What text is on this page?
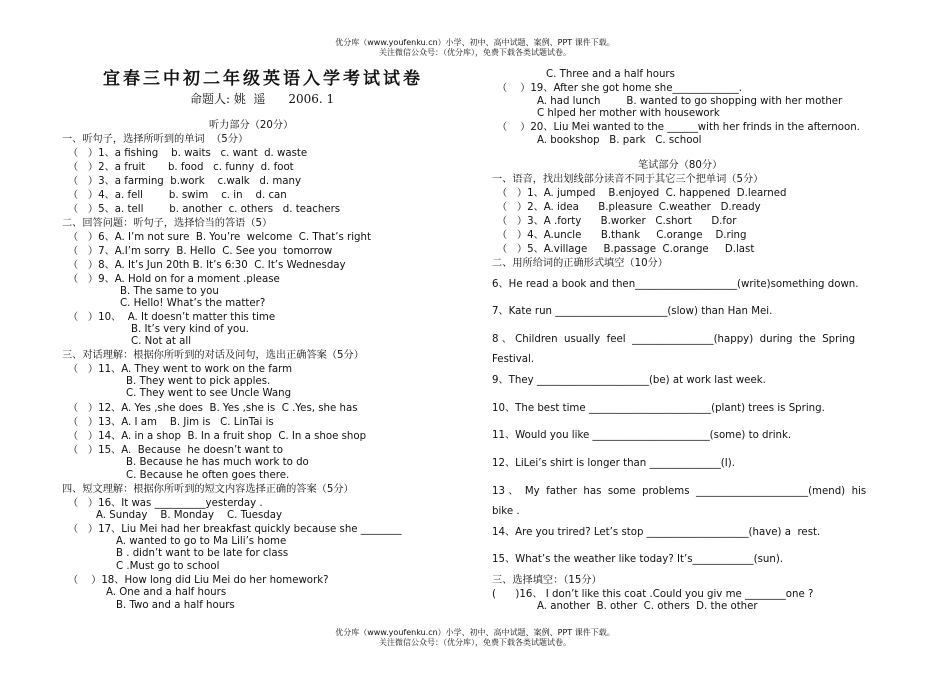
优分库（www.youfenku.cn）小学、初中、高中试题、案例、PPT 课件下载。
关注微信公众号：（优分库），免费下载各类试题试卷。
宜春三中初二年级英语入学考试试卷
命题人: 姚  遥      2006. 1
听力部分（20分）
一、听句子，选择所听到的单词  （5分）
（   ）1、a fishing    b. waits   c. want  d. waste
（   ）2、a fruit       b. food   c. funny  d. foot
（   ）3、a farming  b.work    c.walk   d. many
（   ）4、a. fell        b. swim    c. in    d. can
（   ）5、a. tell        b. another  c. others   d. teachers
二、回答问题：听句子，选择恰当的答语（5）
（   ）6、A. I’m not sure  B. You’re  welcome  C. That’s right
（   ）7、A.I’m sorry  B. Hello  C. See you  tomorrow
（   ）8、A. It’s Jun 20th B. It’s 6:30  C. It’s Wednesday
（   ）9、A. Hold on for a moment .please
B. The same to you
C. Hello! What’s the matter?
（   ）10、  A. It doesn’t matter this time
B. It’s very kind of you.
C. Not at all
三、对话理解：根据你所听到的对话及问句，选出正确答案（5分）
（   ）11、A. They went to work on the farm
B. They went to pick apples.
C. They went to see Uncle Wang
（   ）12、A. Yes ,she does  B. Yes ,she is  C .Yes, she has
（   ）13、A. I am    B. Jim is   C. LinTai is
（   ）14、A. in a shop  B. In a fruit shop  C. In a shoe shop
（   ）15、A.  Because  he doesn’t want to
B. Because he has much work to do
C. Because he often goes there.
四、短文理解：根据你所听到的短文内容选择正确的答案（5分）
（   ）16、It was __________yesterday .
A. Sunday    B. Monday    C. Tuesday
（   ）17、Liu Mei had her breakfast quickly because she ________
A. wanted to go to Ma Lili’s home
B . didn’t want to be late for class
C .Must go to school
（    ）18、How long did Liu Mei do her homework?
A. One and a half hours
B. Two and a half hours
C. Three and a half hours
（    ）19、After she got home she_____________.
A. had lunch        B. wanted to go shopping with her mother
C hlped her mother with housework
（    ）20、Liu Mei wanted to the ______with her frinds in the afternoon.
A. bookshop   B. park   C. school
笔试部分（80分）
一、语音，找出划线部分读音不同于其它三个把单词（5分）
（   ）1、A. jumped    B.enjoyed  C. happened  D.learned
（   ）2、A. idea      B.pleasure  C.weather   D.ready
（   ）3、A .forty      B.worker   C.short      D.for
（   ）4、A.uncle      B.thank     C.orange    D.ring
（   ）5、A.village     B.passage  C.orange     D.last
二、用所给词的正确形式填空（10分）
6、He read a book and then____________________(write)something down.
7、Kate run ______________________(slow) than Han Mei.
8 、 Children  usually  feel  ________________(happy)  during  the  Spring
Festival.
9、They ______________________(be) at work last week.
10、The best time ________________________(plant) trees is Spring.
11、Would you like _______________________(some) to drink.
12、LiLei’s shirt is longer than ______________(I).
13 、  My  father  has  some  problems  ______________________(mend)  his
bike .
14、Are you trired? Let’s stop ____________________(have) a  rest.
15、What’s the weather like today? It’s____________(sun).
三、选择填空：（15分）
(      )16、 I don’t like this coat .Could you giv me ________one ?
A. another  B. other  C. others  D. the other
优分库（www.youfenku.cn）小学、初中、高中试题、案例、PPT 课件下载。
关注微信公众号：（优分库），免费下载各类试题试卷。
